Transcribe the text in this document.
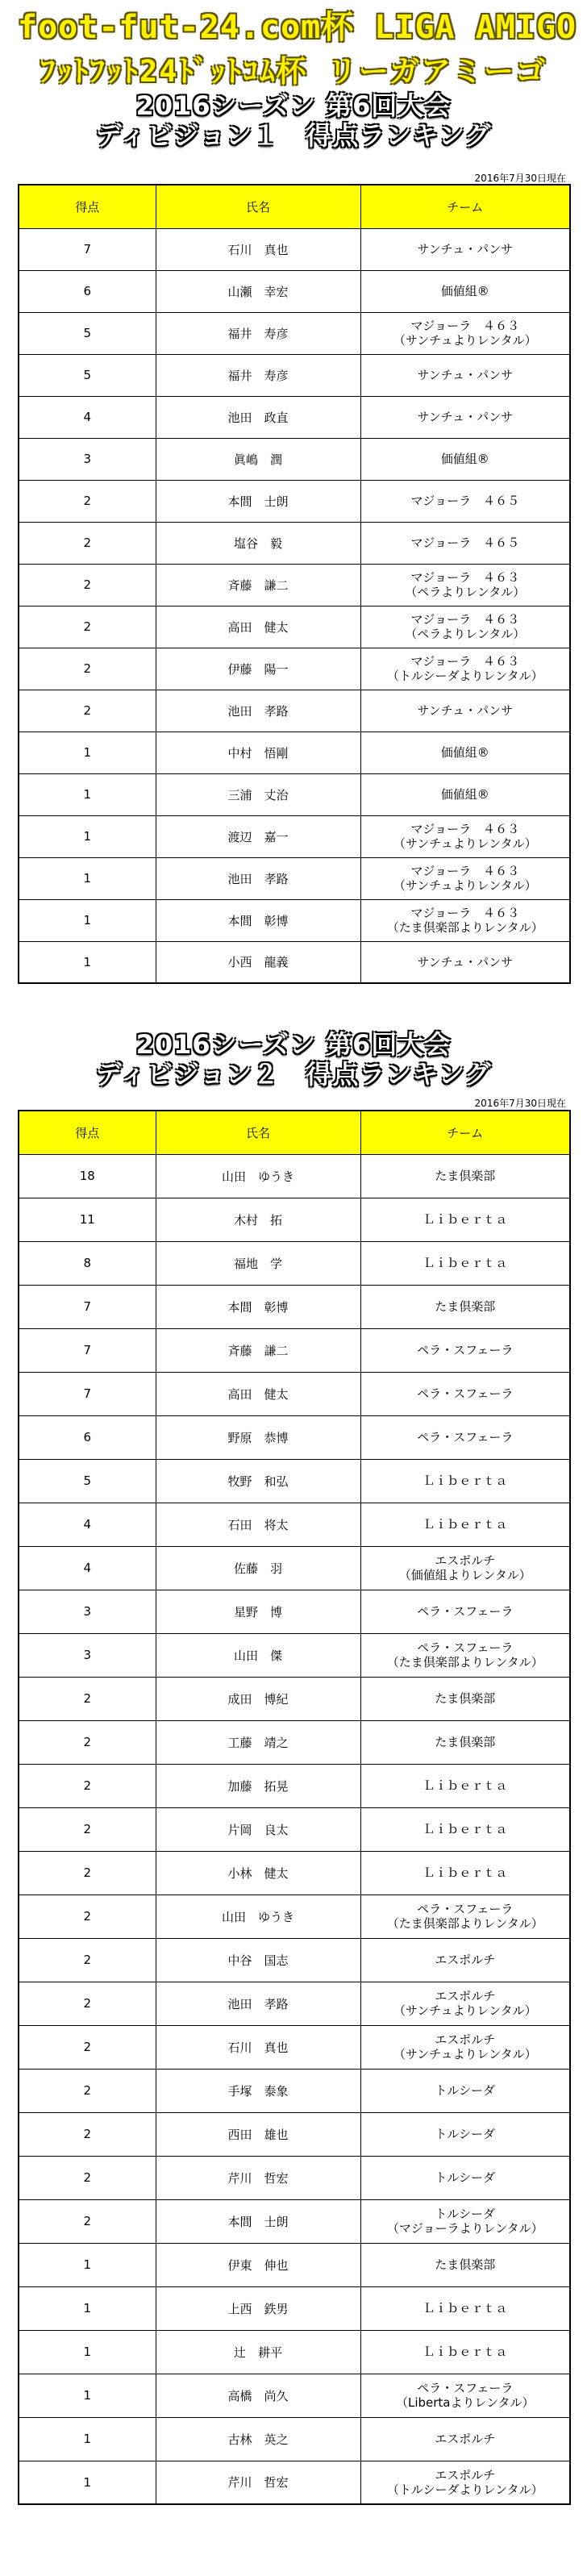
foot-fut-24.com杯 LIGA AMIGO
ﾌｯﾄﾌｯﾄ24ﾄﾞｯﾄｺﾑ杯 リーガアミーゴ
2016シーズン 第6回大会
ディビジョン１　得点ランキング
2016年7月30日現在
得点	氏名	チーム
7	石川　真也	サンチュ・パンサ
6	山瀬　幸宏	価値組®
5	福井　寿彦	マジョーラ　４６３
（サンチュよりレンタル）
5	福井　寿彦	サンチュ・パンサ
4	池田　政直	サンチュ・パンサ
3	眞嶋　潤	価値組®
2	本間　士朗	マジョーラ　４６５
2	塩谷　毅	マジョーラ　４６５
2	斉藤　謙二	マジョーラ　４６３
（ペラよりレンタル）
2	高田　健太	マジョーラ　４６３
（ペラよりレンタル）
2	伊藤　陽一	マジョーラ　４６３
（トルシーダよりレンタル）
2	池田　孝路	サンチュ・パンサ
1	中村　悟剛	価値組®
1	三浦　丈治	価値組®
1	渡辺　嘉一	マジョーラ　４６３
（サンチュよりレンタル）
1	池田　孝路	マジョーラ　４６３
（サンチュよりレンタル）
1	本間　彰博	マジョーラ　４６３
（たま倶楽部よりレンタル）
1	小西　龍義	サンチュ・パンサ
2016シーズン 第6回大会
ディビジョン２　得点ランキング
2016年7月30日現在
得点	氏名	チーム
18	山田　ゆうき	たま倶楽部
11	木村　拓	Ｌｉｂｅｒｔａ
8	福地　学	Ｌｉｂｅｒｔａ
7	本間　彰博	たま倶楽部
7	斉藤　謙二	ペラ・スフェーラ
7	高田　健太	ペラ・スフェーラ
6	野原　恭博	ペラ・スフェーラ
5	牧野　和弘	Ｌｉｂｅｒｔａ
4	石田　将太	Ｌｉｂｅｒｔａ
4	佐藤　羽	エスポルチ
（価値組よりレンタル）
3	星野　博	ペラ・スフェーラ
3	山田　傑	ペラ・スフェーラ
（たま倶楽部よりレンタル）
2	成田　博紀	たま倶楽部
2	工藤　靖之	たま倶楽部
2	加藤　拓晃	Ｌｉｂｅｒｔａ
2	片岡　良太	Ｌｉｂｅｒｔａ
2	小林　健太	Ｌｉｂｅｒｔａ
2	山田　ゆうき	ペラ・スフェーラ
（たま倶楽部よりレンタル）
2	中谷　国志	エスポルチ
2	池田　孝路	エスポルチ
（サンチュよりレンタル）
2	石川　真也	エスポルチ
（サンチュよりレンタル）
2	手塚　泰象	トルシーダ
2	西田　雄也	トルシーダ
2	芹川　哲宏	トルシーダ
2	本間　士朗	トルシーダ
（マジョーラよりレンタル）
1	伊東　伸也	たま倶楽部
1	上西　鉄男	Ｌｉｂｅｒｔａ
1	辻　耕平	Ｌｉｂｅｒｔａ
1	高橋　尚久	ペラ・スフェーラ
（Libertaよりレンタル）
1	古林　英之	エスポルチ
1	芹川　哲宏	エスポルチ
（トルシーダよりレンタル）
